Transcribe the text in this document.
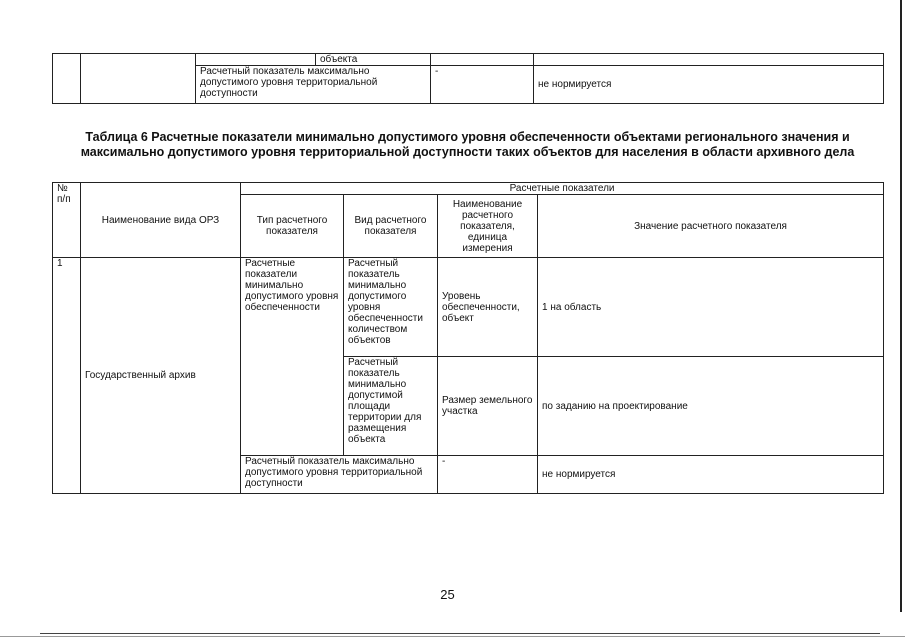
			объекта		
		Расчетный показатель максимально допустимого уровня территориальной доступности		-	не нормируется
Таблица 6 Расчетные показатели минимально допустимого уровня обеспеченности объектами регионального значения и максимально допустимого уровня территориальной доступности таких объектов для населения в области архивного дела
№ п/п	Наименование вида ОРЗ	Расчетные показатели			
		Тип расчетного показателя	Вид расчетного показателя	Наименование расчетного показателя, единица измерения	Значение расчетного показателя
1	Государственный архив	Расчетные показатели минимально допустимого уровня обеспеченности	Расчетный показатель минимально допустимого уровня обеспеченности количеством объектов	Уровень обеспеченности, объект	1 на область
			Расчетный показатель минимально допустимой площади территории для размещения объекта	Размер земельного участка	по заданию на проектирование
		Расчетный показатель максимально допустимого уровня территориальной доступности		-	не нормируется
25
